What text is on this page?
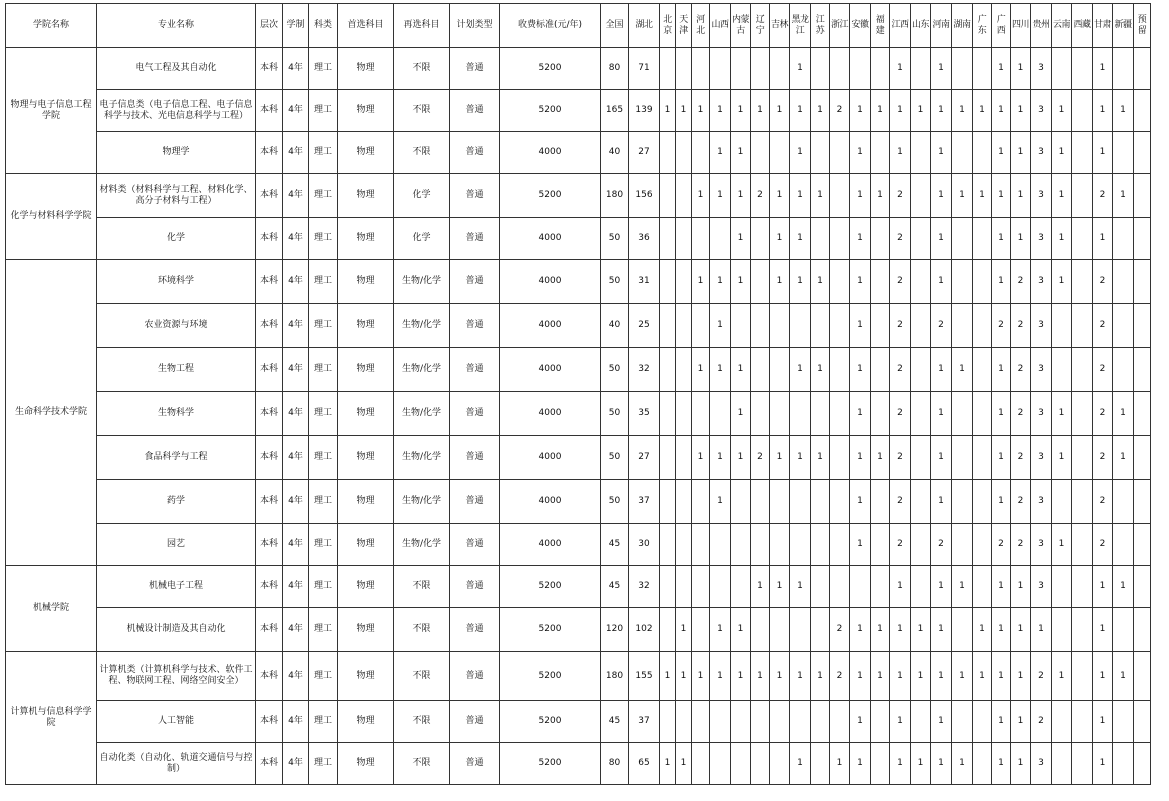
学院名称	专业名称	层次	学制	科类	首选科目	再选科目	计划类型	收费标准(元/年)	全国	湖北	北京	天津	河北	山西	内蒙古	辽宁	吉林	黑龙江	江苏	浙江	安徽	福建	江西	山东	河南	湖南	广东	广西	四川	贵州	云南	西藏	甘肃	新疆	预留
物理与电子信息工程学院	电气工程及其自动化	本科	4年	理工	物理	不限	普通	5200	80	71								1					1		1			1	1	3			1		
	电子信息类（电子信息工程、电子信息科学与技术、光电信息科学与工程）	本科	4年	理工	物理	不限	普通	5200	165	139	1	1	1	1	1	1	1	1	1	2	1	1	1	1	1	1	1	1	1	3	1		1	1	
	物理学	本科	4年	理工	物理	不限	普通	4000	40	27				1	1			1			1		1		1			1	1	3	1		1		
化学与材料科学学院	材料类（材料科学与工程、材料化学、高分子材料与工程）	本科	4年	理工	物理	化学	普通	5200	180	156			1	1	1	2	1	1	1		1	1	2		1	1	1	1	1	3	1		2	1	
	化学	本科	4年	理工	物理	化学	普通	4000	50	36					1		1	1			1		2		1			1	1	3	1		1		
生命科学技术学院	环境科学	本科	4年	理工	物理	生物/化学	普通	4000	50	31			1	1	1		1	1	1		1		2		1			1	2	3	1		2		
	农业资源与环境	本科	4年	理工	物理	生物/化学	普通	4000	40	25				1							1		2		2			2	2	3			2		
	生物工程	本科	4年	理工	物理	生物/化学	普通	4000	50	32			1	1	1			1	1		1		2		1	1		1	2	3			2		
	生物科学	本科	4年	理工	物理	生物/化学	普通	4000	50	35					1						1		2		1			1	2	3	1		2	1	
	食品科学与工程	本科	4年	理工	物理	生物/化学	普通	4000	50	27			1	1	1	2	1	1	1		1	1	2		1			1	2	3	1		2	1	
	药学	本科	4年	理工	物理	生物/化学	普通	4000	50	37				1							1		2		1			1	2	3			2		
	园艺	本科	4年	理工	物理	生物/化学	普通	4000	45	30											1		2		2			2	2	3	1		2		
机械学院	机械电子工程	本科	4年	理工	物理	不限	普通	5200	45	32						1	1	1					1		1	1		1	1	3			1	1	
	机械设计制造及其自动化	本科	4年	理工	物理	不限	普通	5200	120	102		1		1	1					2	1	1	1	1	1		1	1	1	1			1		
计算机与信息科学学院	计算机类（计算机科学与技术、软件工程、物联网工程、网络空间安全）	本科	4年	理工	物理	不限	普通	5200	180	155	1	1	1	1	1	1	1	1	1	2	1	1	1	1	1	1	1	1	1	2	1		1	1	
	人工智能	本科	4年	理工	物理	不限	普通	5200	45	37											1		1		1			1	1	2			1		
	自动化类（自动化、轨道交通信号与控制）	本科	4年	理工	物理	不限	普通	5200	80	65	1	1						1		1	1		1	1	1	1		1	1	3			1		
